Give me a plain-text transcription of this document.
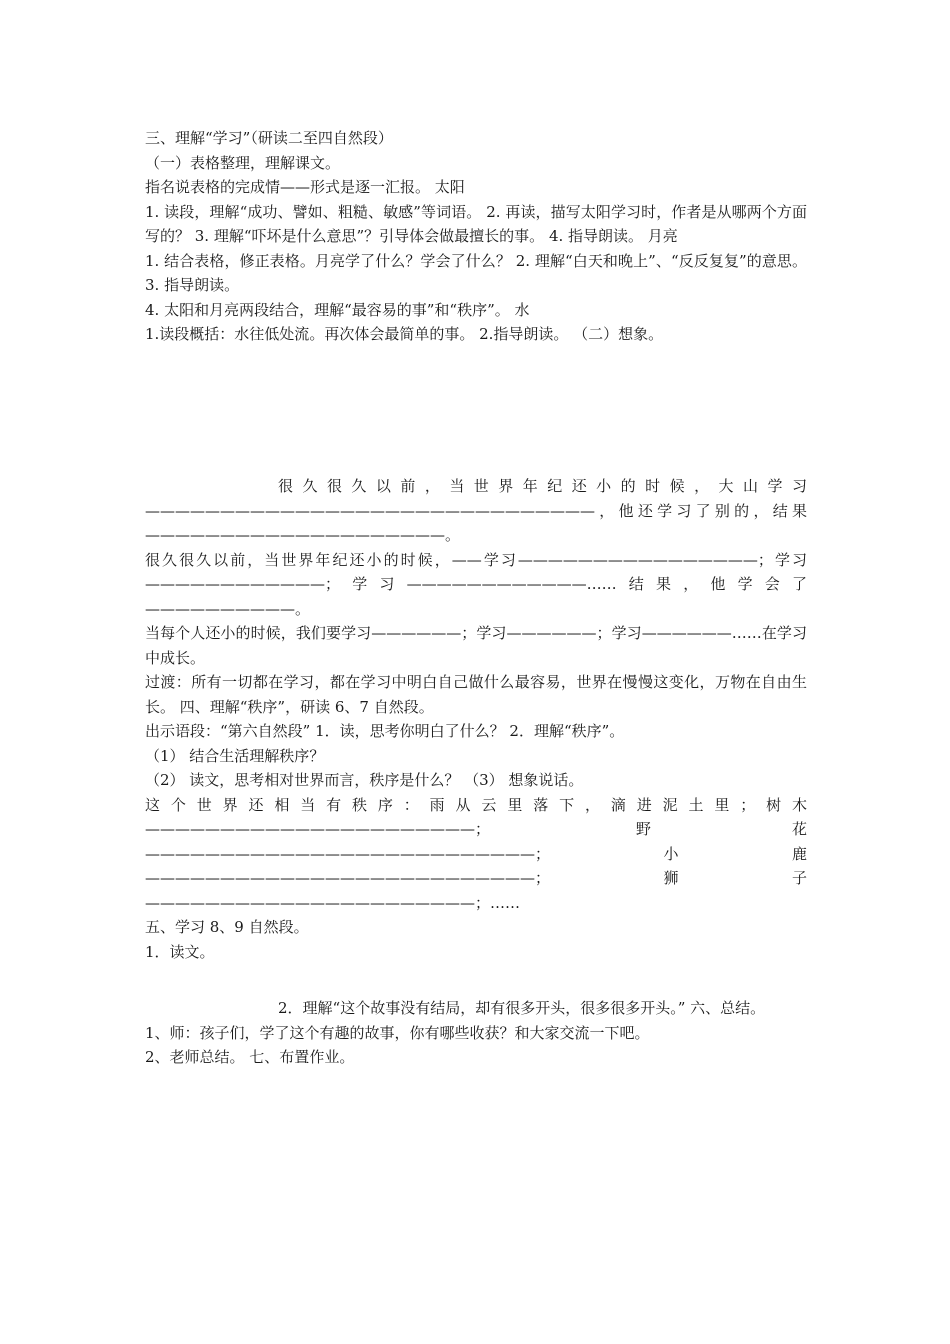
三、理解“学习”（研读二至四自然段）

（一）表格整理，理解课文。

指名说表格的完成情——形式是逐一汇报。 太阳

1. 读段，理解“成功、譬如、粗糙、敏感”等词语。 2. 再读，描写太阳学习时，作者是从哪两个方面写的？ 3. 理解“吓坏是什么意思”？引导体会做最擅长的事。 4. 指导朗读。 月亮

1. 结合表格，修正表格。月亮学了什么？学会了什么？ 2. 理解“白天和晚上”、“反反复复”的意思。 3. 指导朗读。

4. 太阳和月亮两段结合，理解“最容易的事”和“秩序”。 水

1.读段概括：水往低处流。再次体会最简单的事。 2.指导朗读。 （二）想象。

很久很久以前，当世界年纪还小的时候，大山学习 ——————————————————————————————，他还学习了别的，结果————————————————————。

很久很久以前，当世界年纪还小的时候，——学习————————————————；学习————————————；学习————————————……结果，他学会了——————————。

当每个人还小的时候，我们要学习——————；学习——————；学习——————……在学习中成长。

过渡：所有一切都在学习，都在学习中明白自己做什么最容易，世界在慢慢这变化，万物在自由生长。 四、理解“秩序”，研读 6、7 自然段。

出示语段：“第六自然段” 1．读，思考你明白了什么？ 2．理解“秩序”。

（1） 结合生活理解秩序？

（2） 读文，思考相对世界而言，秩序是什么？ （3） 想象说话。

这个世界还相当有秩序：雨从云里落下，滴进泥土里；树木——————————————————————； 野花——————————————————————————；小鹿——————————————————————————；狮子——————————————————————；……

五、学习 8、9 自然段。

1．读文。

2．理解“这个故事没有结局，却有很多开头，很多很多开头。” 六、总结。

1、师：孩子们，学了这个有趣的故事，你有哪些收获？和大家交流一下吧。

2、老师总结。 七、布置作业。
